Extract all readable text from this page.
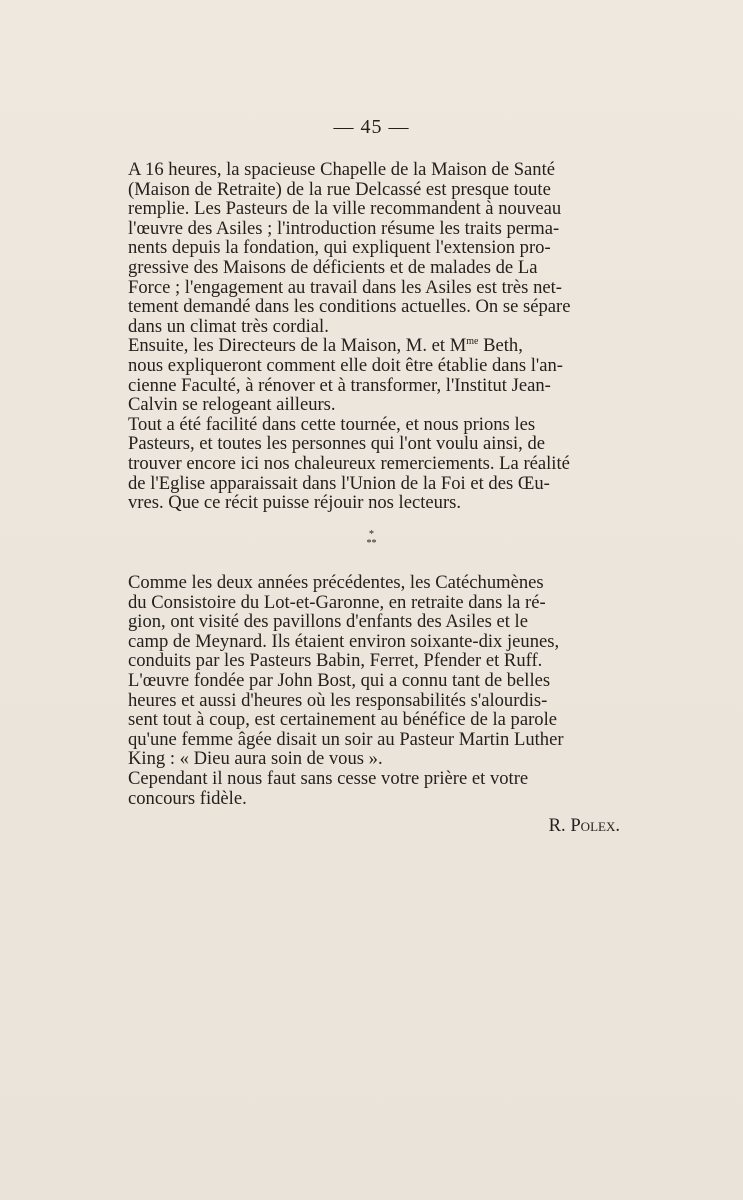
— 45 —

A 16 heures, la spacieuse Chapelle de la Maison de Santé
(Maison de Retraite) de la rue Delcassé est presque toute
remplie. Les Pasteurs de la ville recommandent à nouveau
l'œuvre des Asiles ; l'introduction résume les traits perma-
nents depuis la fondation, qui expliquent l'extension pro-
gressive des Maisons de déficients et de malades de La
Force ; l'engagement au travail dans les Asiles est très net-
tement demandé dans les conditions actuelles. On se sépare
dans un climat très cordial.

Ensuite, les Directeurs de la Maison, M. et $M^{me}$ Beth,
nous expliqueront comment elle doit être établie dans l'an-
cienne Faculté, à rénover et à transformer, l'Institut Jean-
Calvin se relogeant ailleurs.

Tout a été facilité dans cette tournée, et nous prions les
Pasteurs, et toutes les personnes qui l'ont voulu ainsi, de
trouver encore ici nos chaleureux remerciements. La réalité
de l'Eglise apparaissait dans l'Union de la Foi et des Œu-
vres. Que ce récit puisse réjouir nos lecteurs.

*
**

Comme les deux années précédentes, les Catéchumènes
du Consistoire du Lot-et-Garonne, en retraite dans la ré-
gion, ont visité des pavillons d'enfants des Asiles et le
camp de Meynard. Ils étaient environ soixante-dix jeunes,
conduits par les Pasteurs Babin, Ferret, Pfender et Ruff.

L'œuvre fondée par John Bost, qui a connu tant de belles
heures et aussi d'heures où les responsabilités s'alourdis-
sent tout à coup, est certainement au bénéfice de la parole
qu'une femme âgée disait un soir au Pasteur Martin Luther
King : « Dieu aura soin de vous ».

Cependant il nous faut sans cesse votre prière et votre
concours fidèle.

R. Polex.
